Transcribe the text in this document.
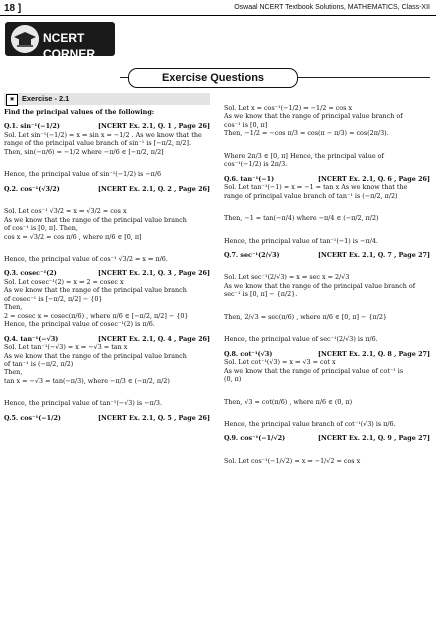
18 ]	Oswaal NCERT Textbook Solutions, MATHEMATICS, Class-XII
NCERT CORNER
Exercise Questions
▣	Exercise - 2.1

Find the principal values of the following:

Q.1. sin⁻¹(−1/2)	[NCERT Ex. 2.1, Q. 1 , Page 26]

Sol. Let sin⁻¹(−1/2) = x ⇒ sin x = −1/2 . As we know that the

range of the principal value branch of sin⁻¹ is [−π/2, π/2].

Then, sin(−π/6) = −1/2 where −π/6 ∈ [−π/2, π/2]

Hence, the principal value of sin⁻¹(−1/2) is −π/6

Q.2. cos⁻¹(√3/2)	[NCERT Ex. 2.1, Q. 2 , Page 26]

Sol. Let cos⁻¹ √3/2 = x ⇒ √3/2 = cos x

As we know that the range of the principal value branch

of cos⁻¹ is [0, π]. Then,

cos x = √3/2 = cos π/6 , where π/6 ∈ [0, π]

Hence, the principal value of cos⁻¹ √3/2 = x ⇒ π/6.

Q.3. cosec⁻¹(2)	[NCERT Ex. 2.1, Q. 3 , Page 26]

Sol. Let cosec⁻¹(2) = x ⇒ 2 = cosec x

As we know that the range of the principal value branch

of cosec⁻¹ is [−π/2, π/2] − {0}

Then,

2 = cosec x = cosec(π/6) , where π/6 ∈ [−π/2, π/2] − {0}

Hence, the principal value of cosec⁻¹(2) is π/6.

Q.4. tan⁻¹(−√3)	[NCERT Ex. 2.1, Q. 4 , Page 26]

Sol. Let tan⁻¹(−√3) = x ⇒ −√3 = tan x

As we know that the range of the principal value branch

of tan⁻¹ is (−π/2, π/2)

Then,

tan x = −√3 = tan(−π/3), where −π/3 ∈ (−π/2, π/2)

Hence, the principal value of tan⁻¹(−√3) is −π/3.

Q.5. cos⁻¹(−1/2)	[NCERT Ex. 2.1, Q. 5 , Page 26]

Sol. Let x = cos⁻¹(−1/2) ⇒ −1/2 = cos x

As we know that the range of principal value branch of

cos⁻¹ is [0, π]

Then, −1/2 = −cos π/3 = cos(π − π/3) = cos(2π/3).

Where 2π/3 ∈ [0, π] Hence, the principal value of

cos⁻¹(−1/2) is 2π/3.

Q.6. tan⁻¹(−1)	[NCERT Ex. 2.1, Q. 6 , Page 26]

Sol. Let tan⁻¹(−1) = x ⇒ −1 = tan x As we know that the

range of principal value branch of tan⁻¹ is (−π/2, π/2)

Then, −1 = tan(−π/4) where −π/4 ∈ (−π/2, π/2)

Hence, the principal value of tan⁻¹(−1) is −π/4.

Q.7. sec⁻¹(2/√3)	[NCERT Ex. 2.1, Q. 7 , Page 27]

Sol. Let sec⁻¹(2/√3) = x ⇒ sec x = 2/√3

As we know that the range of the principal value branch of

sec⁻¹ is [0, π] − {π/2}.

Then, 2/√3 = sec(π/6) , where π/6 ∈ [0, π] − {π/2}

Hence, the principal value of sec⁻¹(2/√3) is π/6.

Q.8. cot⁻¹(√3)	[NCERT Ex. 2.1, Q. 8 , Page 27]

Sol. Let cot⁻¹(√3) = x ⇒ √3 = cot x

As we know that the range of principal value of cot⁻¹ is

(0, π)

Then, √3 = cot(π/6) , where π/6 ∈ (0, π)

Hence, the principal value branch of cot⁻¹(√3) is π/6.

Q.9. cos⁻¹(−1/√2)	[NCERT Ex. 2.1, Q. 9 , Page 27]

Sol. Let cos⁻¹(−1/√2) = x ⇒ −1/√2 = cos x
